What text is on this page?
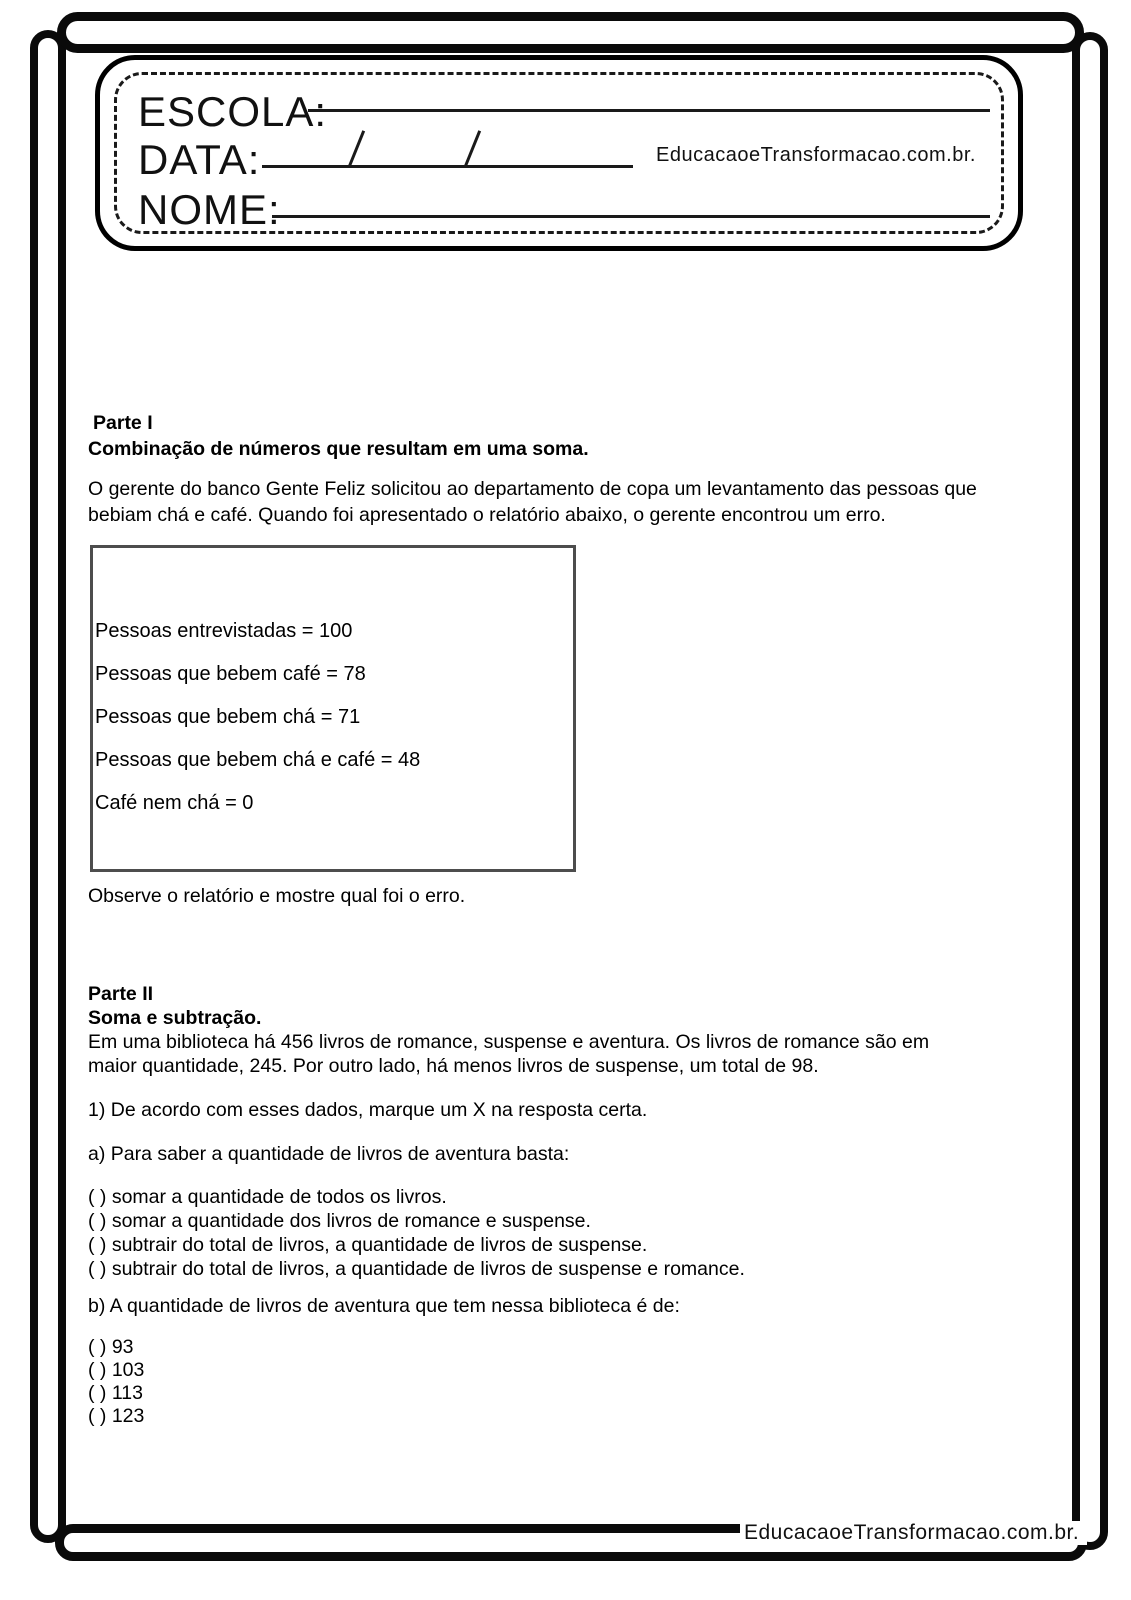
ESCOLA:
DATA:	EducacaoeTransformacao.com.br.
NOME:
Parte I
Combinação de números que resultam em uma soma.
O gerente do banco Gente Feliz solicitou ao departamento de copa um levantamento das pessoas que
bebiam chá e café. Quando foi apresentado o relatório abaixo, o gerente encontrou um erro.
Pessoas entrevistadas = 100
Pessoas que bebem café = 78
Pessoas que bebem chá = 71
Pessoas que bebem chá e café = 48
Café nem chá = 0
Observe o relatório e mostre qual foi o erro.
Parte II
Soma e subtração.
Em uma biblioteca há 456 livros de romance, suspense e aventura. Os livros de romance são em
maior quantidade, 245. Por outro lado, há menos livros de suspense, um total de 98.
1) De acordo com esses dados, marque um X na resposta certa.
a) Para saber a quantidade de livros de aventura basta:
( ) somar a quantidade de todos os livros.
( ) somar a quantidade dos livros de romance e suspense.
( ) subtrair do total de livros, a quantidade de livros de suspense.
( ) subtrair do total de livros, a quantidade de livros de suspense e romance.
b) A quantidade de livros de aventura que tem nessa biblioteca é de:
( ) 93
( ) 103
( ) 113
( ) 123
EducacaoeTransformacao.com.br.
